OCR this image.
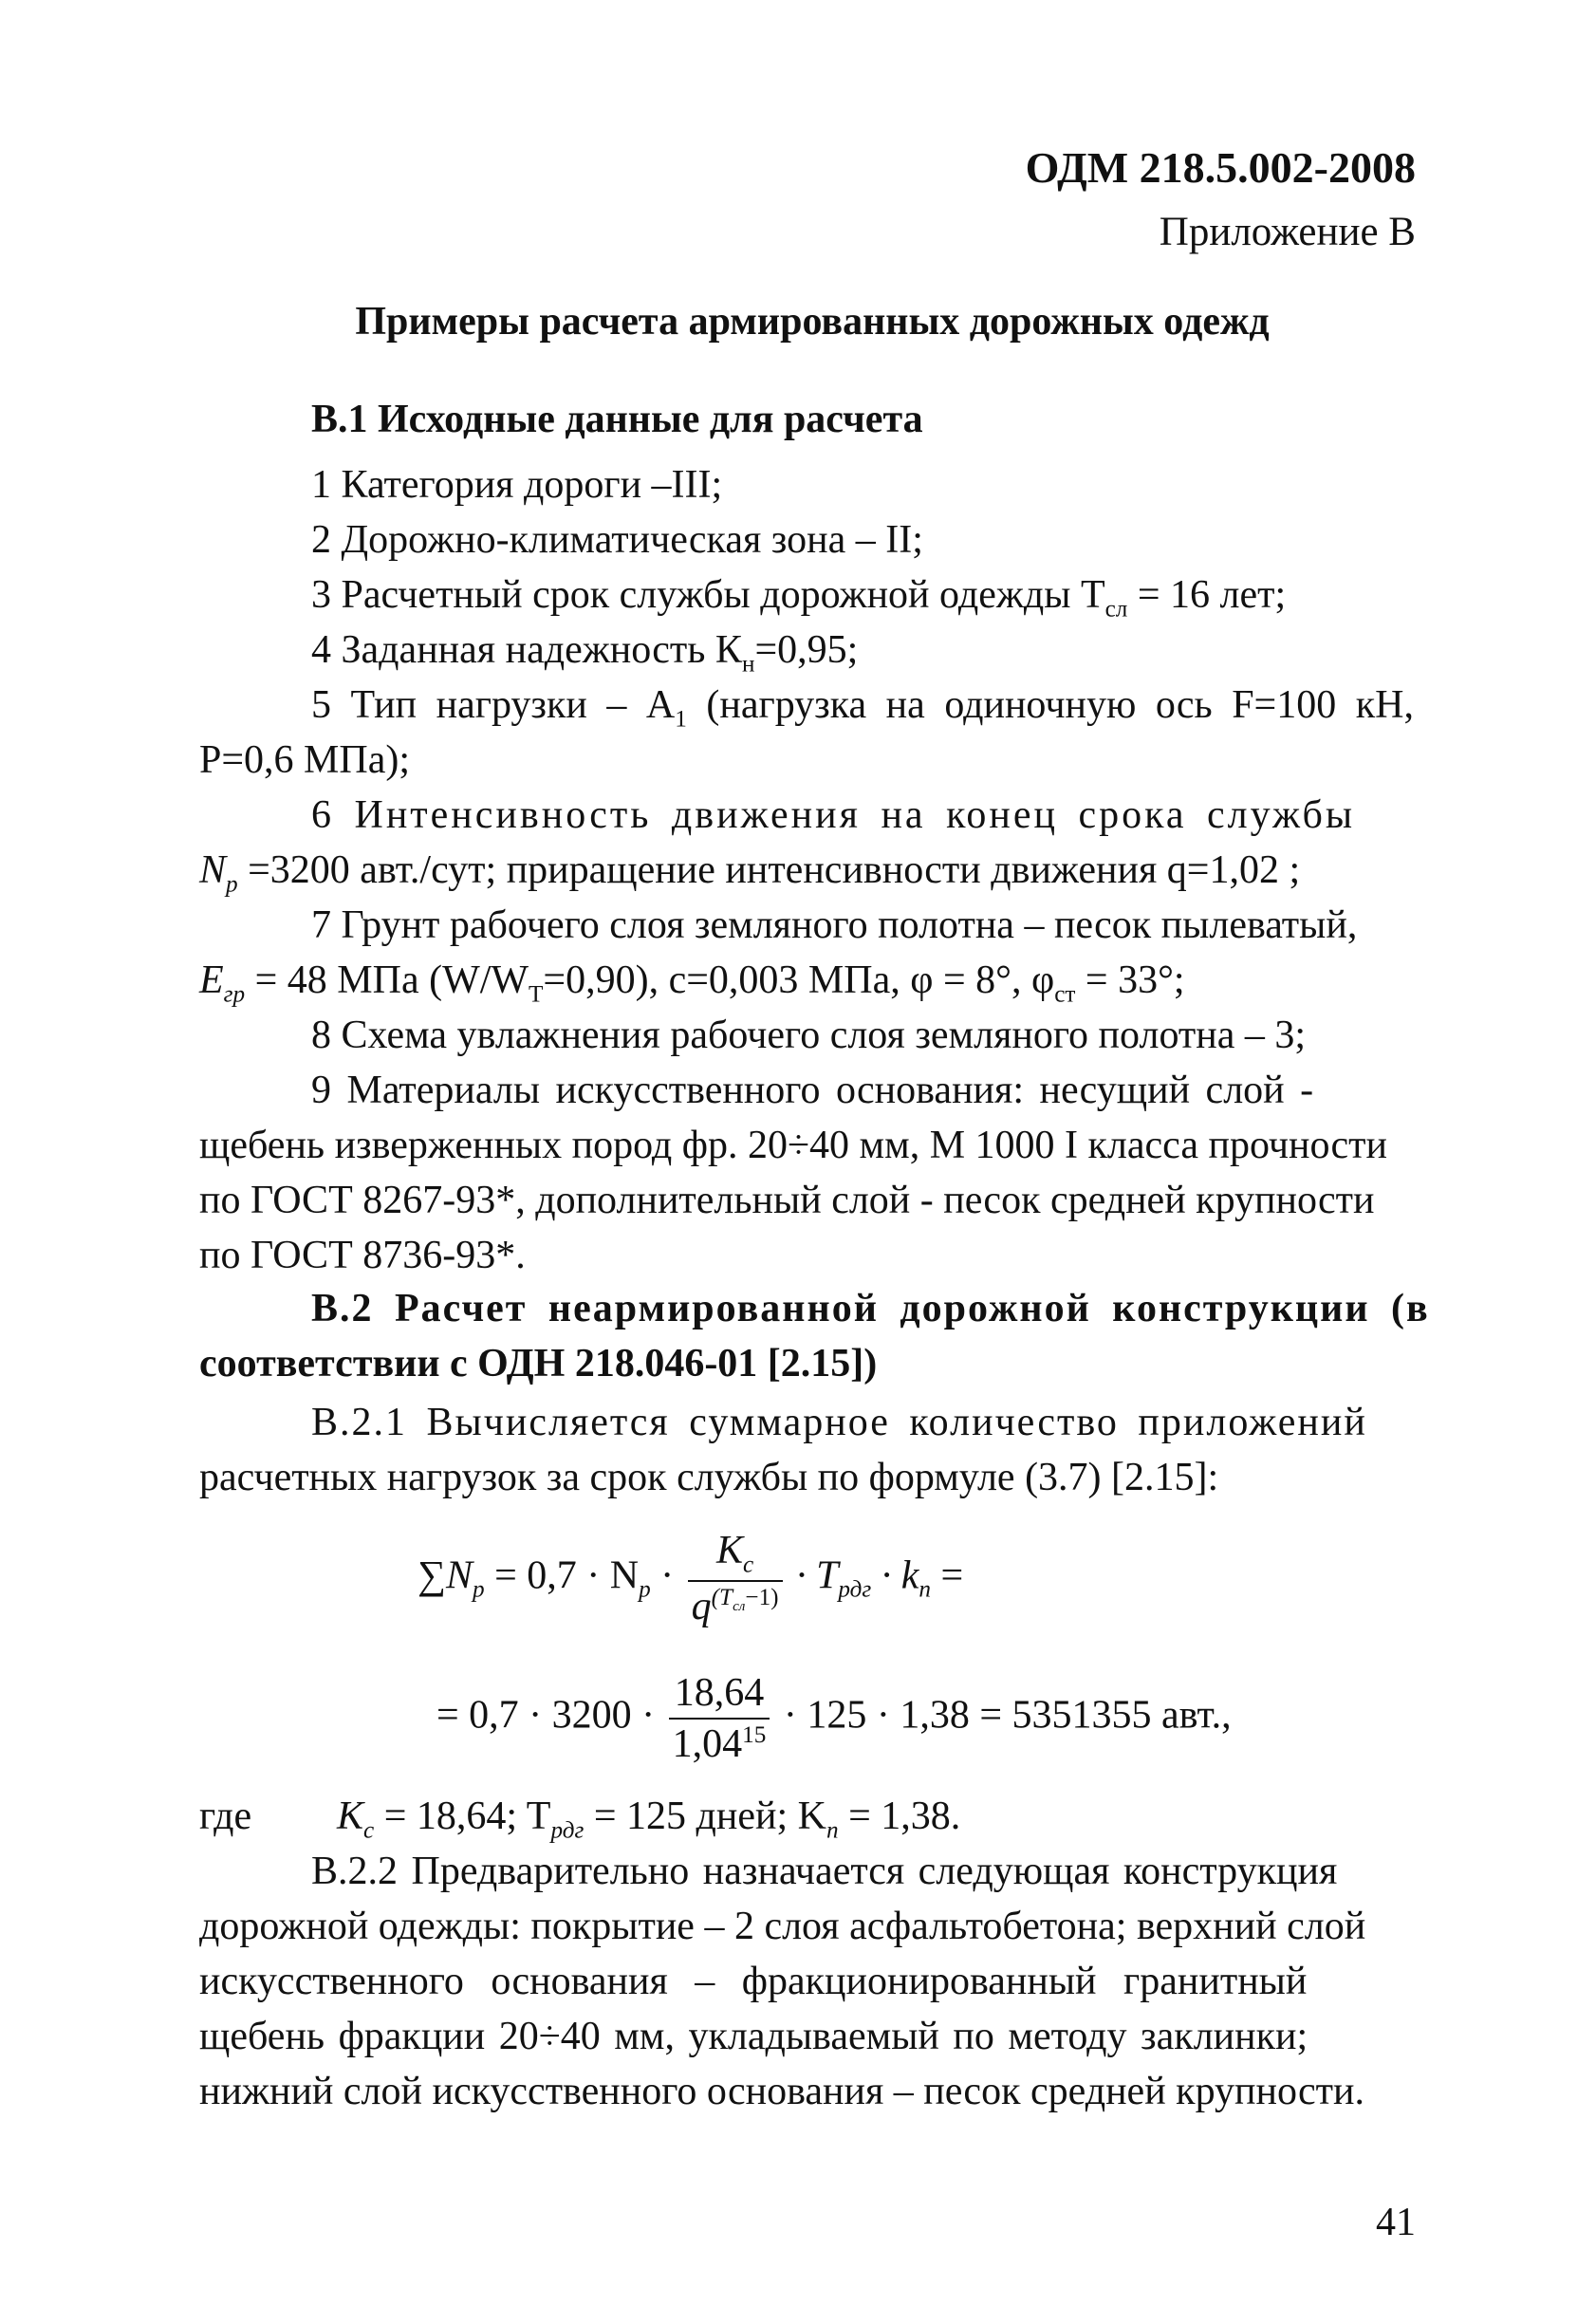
ОДМ 218.5.002-2008
Приложение В
Примеры расчета армированных дорожных одежд
В.1 Исходные данные для расчета
1 Категория дороги –III;
2 Дорожно-климатическая зона – II;
3 Расчетный срок службы дорожной одежды $T_{сл} = 16$ лет;
4 Заданная надежность $К_н=0,95$;
5 Тип нагрузки – $А_1$ (нагрузка на одиночную ось F=100 кН,
P=0,6 МПа);
6 Интенсивность движения на конец срока службы
$N_p =3200$ авт./сут; приращение интенсивности движения q=1,02 ;
7 Грунт рабочего слоя земляного полотна – песок пылеватый,
$E_{гр} = 48$ МПа $(W/W_T=0,90)$, с=0,003 МПа, φ = 8°, $\varphi_{ст} = 33^\circ$;
8 Схема увлажнения рабочего слоя земляного полотна – 3;
9 Материалы искусственного основания: несущий слой -
щебень изверженных пород фр. 20÷40 мм, М 1000 I класса прочности
по ГОСТ 8267-93*, дополнительный слой - песок средней крупности
по ГОСТ 8736-93*.
В.2 Расчет неармированной дорожной конструкции (в
соответствии с ОДН 218.046-01 [2.15])
В.2.1 Вычисляется суммарное количество приложений
расчетных нагрузок за срок службы по формуле (3.7) [2.15]:
$\sum N_p = 0,7 \cdot N_p \cdot \frac{K_c}{q^{(T_{сл}-1)}} \cdot T_{рдг} \cdot k_n$ =
= $0,7 \cdot 3200 \cdot \frac{18,64}{1,04^{15}} \cdot 125 \cdot 1,38 = 5351355$ авт.,
где $K_c = 18,64$; $T_{рдг} = 125$ дней; $K_n = 1,38$.
В.2.2 Предварительно назначается следующая конструкция
дорожной одежды: покрытие – 2 слоя асфальтобетона; верхний слой
искусственного основания – фракционированный гранитный
щебень фракции 20÷40 мм, укладываемый по методу заклинки;
нижний слой искусственного основания – песок средней крупности.
41
